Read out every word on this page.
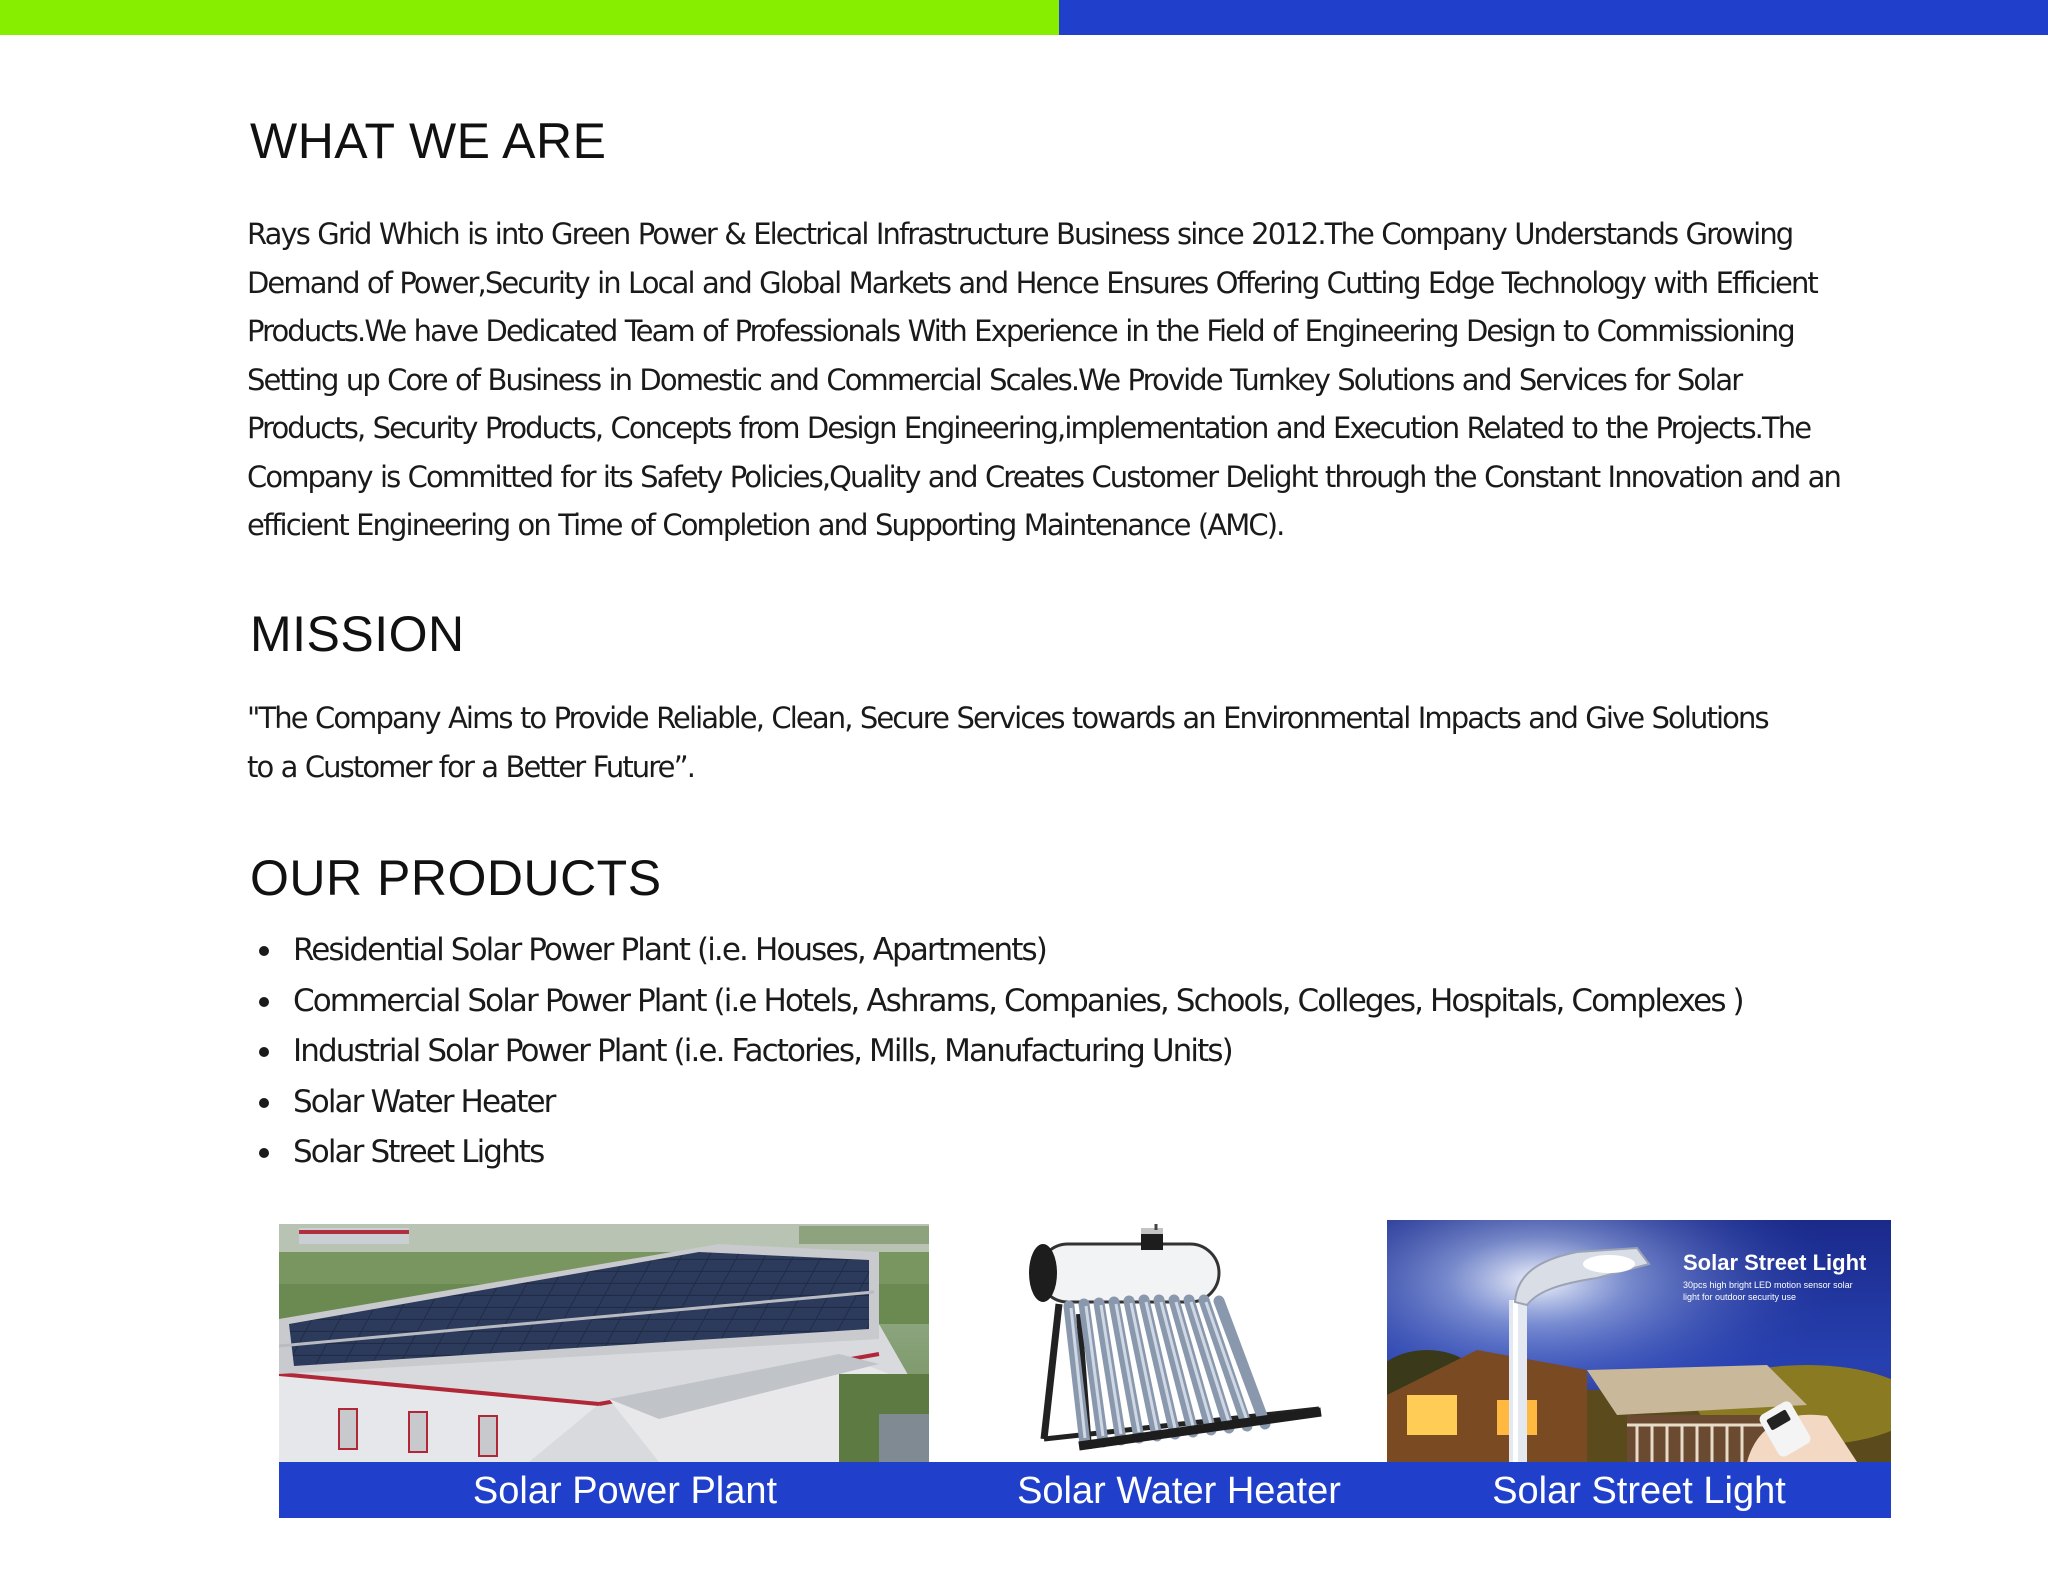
WHAT WE ARE

Rays Grid Which is into Green Power & Electrical Infrastructure Business since 2012.The Company Understands Growing
Demand of Power,Security in Local and Global Markets and Hence Ensures Offering Cutting Edge Technology with Efficient
Products.We have Dedicated Team of Professionals With Experience in the Field of Engineering Design to Commissioning
Setting up Core of Business in Domestic and Commercial Scales.We Provide Turnkey Solutions and Services for Solar
Products, Security Products, Concepts from Design Engineering,implementation and Execution Related to the Projects.The
Company is Committed for its Safety Policies,Quality and Creates Customer Delight through the Constant Innovation and an
efficient Engineering on Time of Completion and Supporting Maintenance (AMC).

MISSION

"The Company Aims to Provide Reliable, Clean, Secure Services towards an Environmental Impacts and Give Solutions
to a Customer for a Better Future”.

OUR PRODUCTS
Residential Solar Power Plant (i.e. Houses, Apartments)
Commercial Solar Power Plant (i.e Hotels, Ashrams, Companies, Schools, Colleges, Hospitals, Complexes )
Industrial Solar Power Plant (i.e. Factories, Mills, Manufacturing Units)
Solar Water Heater
Solar Street Lights
Solar Street Light
30pcs high bright LED motion sensor solar
light for outdoor security use
Solar Power Plant	Solar Water Heater	Solar Street Light
